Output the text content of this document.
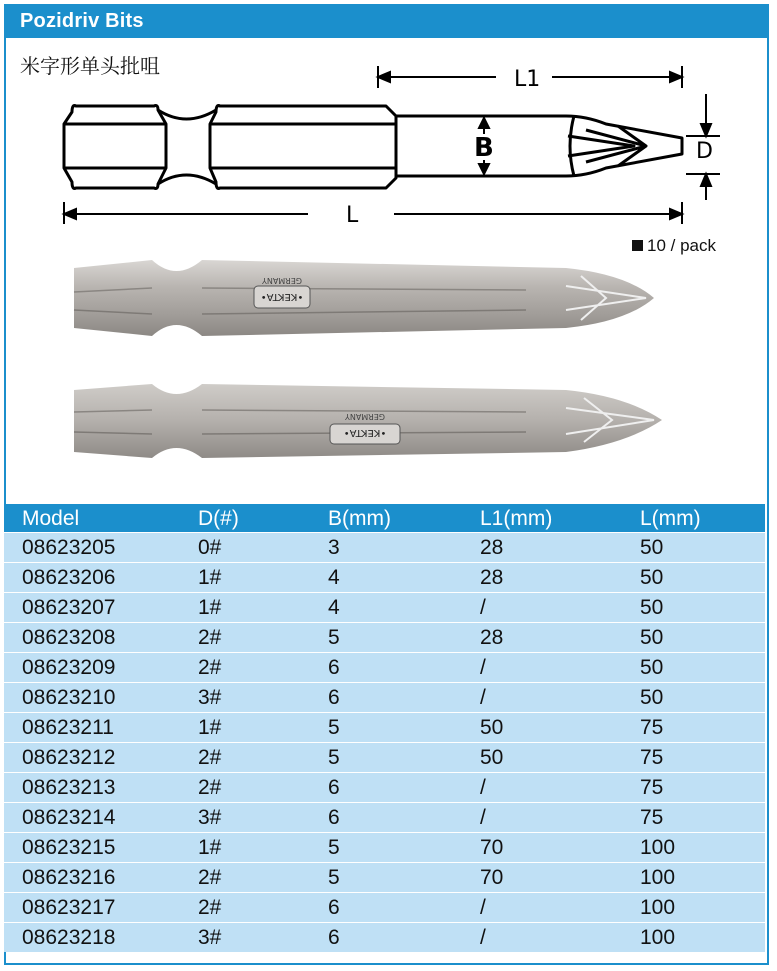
Pozidriv Bits
米字形单头批咀
L1
L
B	D
10 / pack
•KEKTA•
GERMANY
•KEKTA•
GERMANY
Model	D(#)	B(mm)	L1(mm)	L(mm)
08623205	0#	3	28	50
08623206	1#	4	28	50
08623207	1#	4	/	50
08623208	2#	5	28	50
08623209	2#	6	/	50
08623210	3#	6	/	50
08623211	1#	5	50	75
08623212	2#	5	50	75
08623213	2#	6	/	75
08623214	3#	6	/	75
08623215	1#	5	70	100
08623216	2#	5	70	100
08623217	2#	6	/	100
08623218	3#	6	/	100
